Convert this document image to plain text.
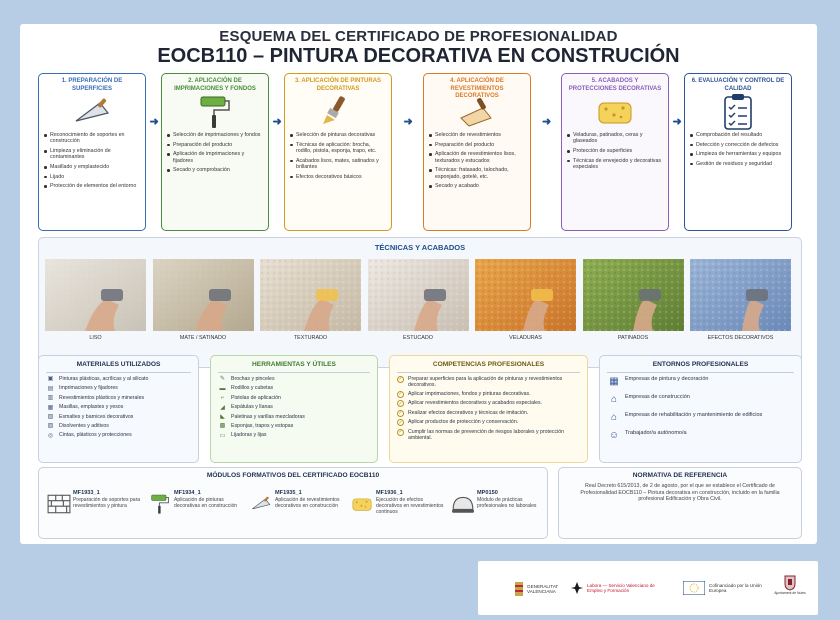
ESQUEMA DEL CERTIFICADO DE PROFESIONALIDAD
EOCB110 – PINTURA DECORATIVA EN CONSTRUCIÓN
1. PREPARACIÓN DE SUPERFICIES
Reconocimiento de soportes en construcción
Limpieza y eliminación de contaminantes
Masillado y emplastecido
Lijado
Protección de elementos del entorno
➜
2. APLICACIÓN DE IMPRIMACIONES Y FONDOS
Selección de imprimaciones y fondos
Preparación del producto
Aplicación de imprimaciones y fijadores
Secado y comprobación
➜
3. APLICACIÓN DE PINTURAS DECORATIVAS
Selección de pinturas decorativas
Técnicas de aplicación: brocha, rodillo, pistola, esponja, trapo, etc.
Acabados lisos, mates, satinados y brillantes
Efectos decorativos básicos
➜
4. APLICACIÓN DE REVESTIMIENTOS DECORATIVOS
Selección de revestimientos
Preparación del producto
Aplicación de revestimientos lisos, texturados y estucados
Técnicas: fratasado, talochado, esponjado, gotelé, etc.
Secado y acabado
➜
5. ACABADOS Y PROTECCIONES DECORATIVAS
Veladuras, patinados, ceras y glaseados
Protección de superficies
Técnicas de envejecido y decorativas especiales
➜
6. EVALUACIÓN Y CONTROL DE CALIDAD
Comprobación del resultado
Detección y corrección de defectos
Limpieza de herramientas y equipos
Gestión de residuos y seguridad
TÉCNICAS Y ACABADOS
LISO	MATE / SATINADO	TEXTURADO	ESTUCADO	VELADURAS	PATINADOS	EFECTOS DECORATIVOS
MATERIALES UTILIZADOS
▣	Pinturas plásticas, acrílicas y al silicato
▤	Imprimaciones y fijadores
▥	Revestimientos plásticos y minerales
▦	Masillas, emplastes y yesos
▧	Esmaltes y barnices decorativos
▨	Disolventes y aditivos
◎	Cintas, plásticos y protecciones
HERRAMIENTAS Y ÚTILES
✎	Brochas y pinceles
▬ Rodillos y cubetas
⌐	Pistolas de aplicación
◢	Espátulas y llanas
◣	Paletinas y varillas mezcladoras
▩	Esponjas, trapos y estopas
▭	Lijadoras y lijas
COMPETENCIAS PROFESIONALES
✓ Preparar superficies para la aplicación de pinturas y revestimientos decorativos.
✓ Aplicar imprimaciones, fondos y pinturas decorativas.
✓ Aplicar revestimientos decorativos y acabados especiales.
✓ Realizar efectos decorativos y técnicas de imitación.
✓ Aplicar productos de protección y conservación.
✓ Cumplir las normas de prevención de riesgos laborales y protección ambiental.
ENTORNOS PROFESIONALES
▦	Empresas de pintura y decoración
⌂	Empresas de construcción
⌂	Empresas de rehabilitación y mantenimiento de edificios
☺	Trabajador/a autónomo/a
MÓDULOS FORMATIVOS DEL CERTIFICADO EOCB110
MF1933_1
Preparación de soportes para revestimientos y pintura
MF1934_1
Aplicación de pinturas decorativas en construcción
MF1935_1
Aplicación de revestimientos decorativos en construcción
MF1936_1
Ejecución de efectos decorativos en revestimientos continuos
MP0150
Módulo de prácticas profesionales no laborales
NORMATIVA DE REFERENCIA
Real Decreto 615/2013, de 2 de agosto, por el que se establece el Certificado de Profesionalidad EOCB110 – Pintura decorativa en construcción, incluido en la familia profesional Edificación y Obra Civil.
GENERALITAT VALENCIANA
Labora — Servicio Valenciano de Empleo y Formación
Cofinanciado por la Unión Europea	Ajuntament de Nules
